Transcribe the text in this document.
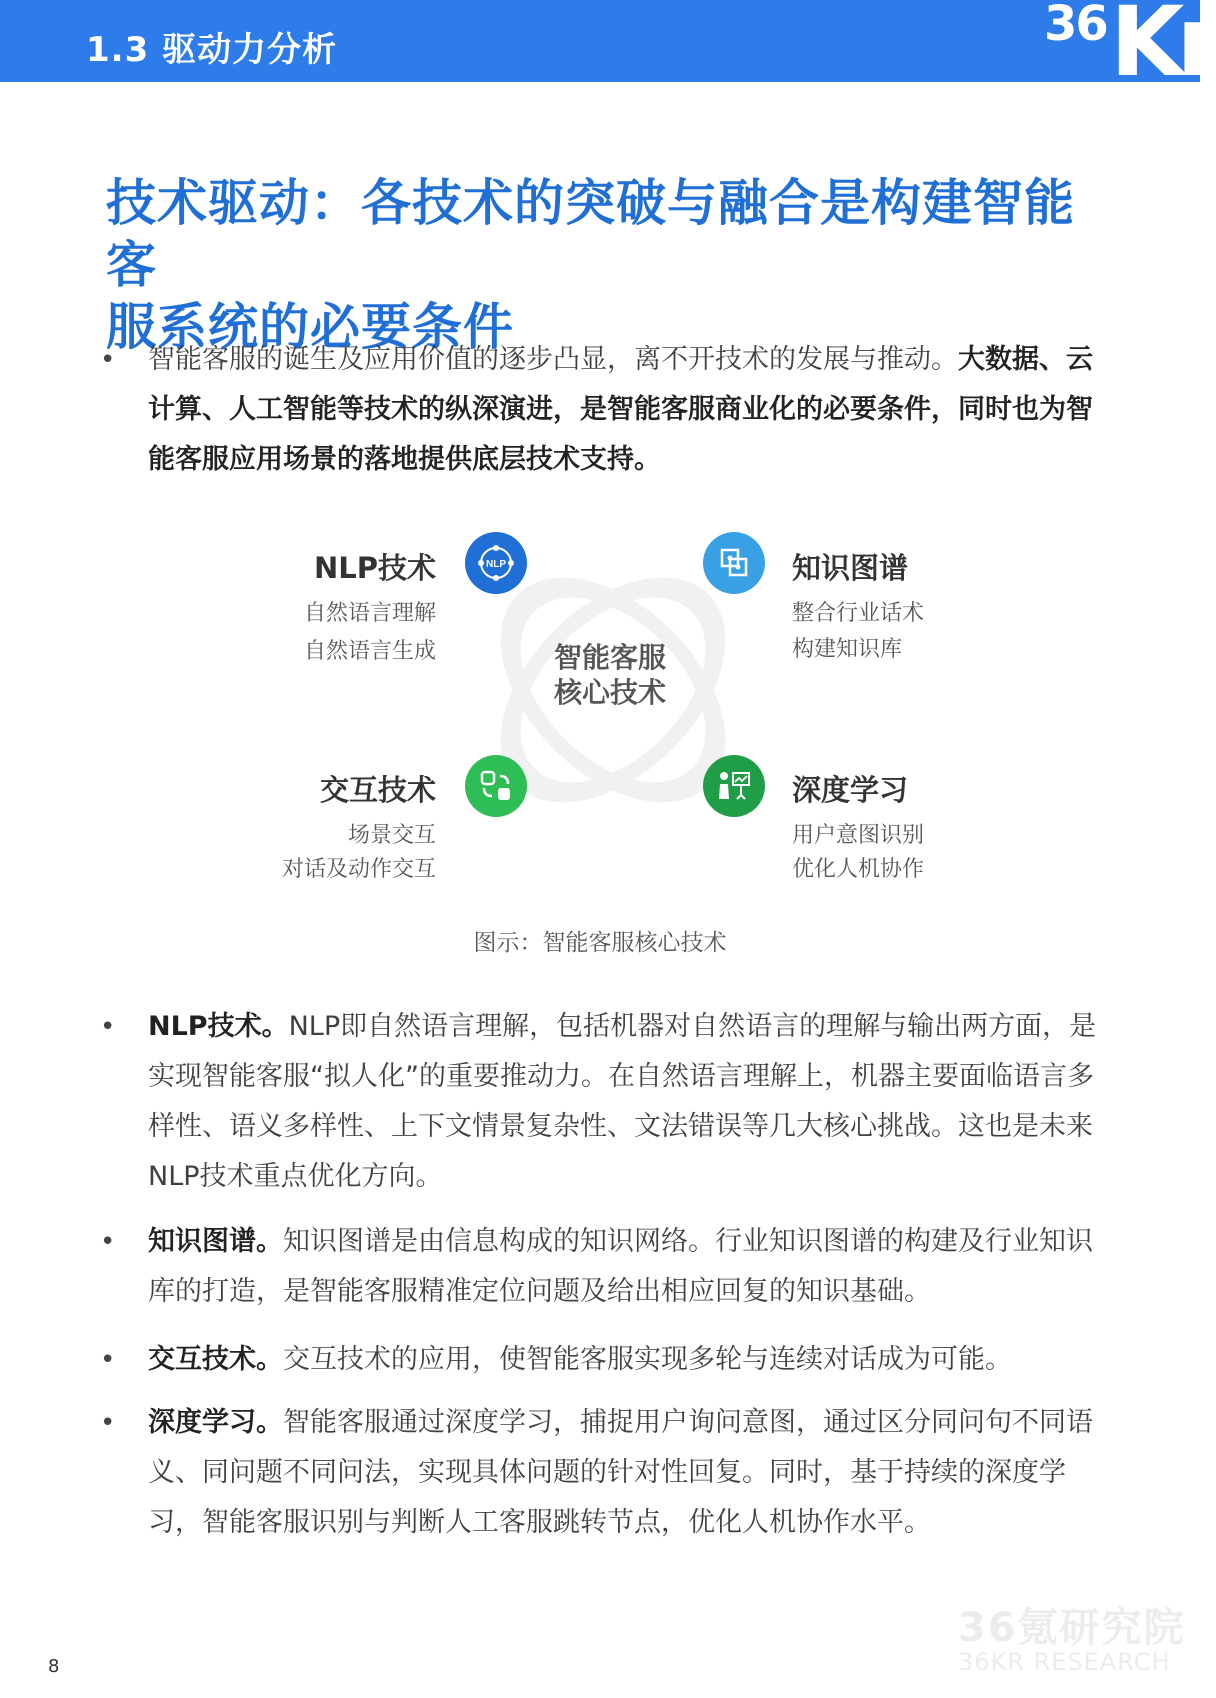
1.3 驱动力分析	36 Kr
技术驱动：各技术的突破与融合是构建智能客
服系统的必要条件
• 智能客服的诞生及应用价值的逐步凸显，离不开技术的发展与推动。大数据、云计算、人工智能等技术的纵深演进，是智能客服商业化的必要条件，同时也为智能客服应用场景的落地提供底层技术支持。
智能客服
核心技术
NLP
NLP技术
自然语言理解
自然语言生成
知识图谱
整合行业话术
构建知识库
交互技术
场景交互
对话及动作交互
深度学习
用户意图识别
优化人机协作
图示：智能客服核心技术
• NLP技术。NLP即自然语言理解，包括机器对自然语言的理解与输出两方面，是实现智能客服“拟人化”的重要推动力。在自然语言理解上，机器主要面临语言多样性、语义多样性、上下文情景复杂性、文法错误等几大核心挑战。这也是未来NLP技术重点优化方向。
• 知识图谱。知识图谱是由信息构成的知识网络。行业知识图谱的构建及行业知识库的打造，是智能客服精准定位问题及给出相应回复的知识基础。
• 交互技术。交互技术的应用，使智能客服实现多轮与连续对话成为可能。
• 深度学习。智能客服通过深度学习，捕捉用户询问意图，通过区分同问句不同语义、同问题不同问法，实现具体问题的针对性回复。同时，基于持续的深度学习，智能客服识别与判断人工客服跳转节点，优化人机协作水平。
8
36氪研究院
36KR RESEARCH
